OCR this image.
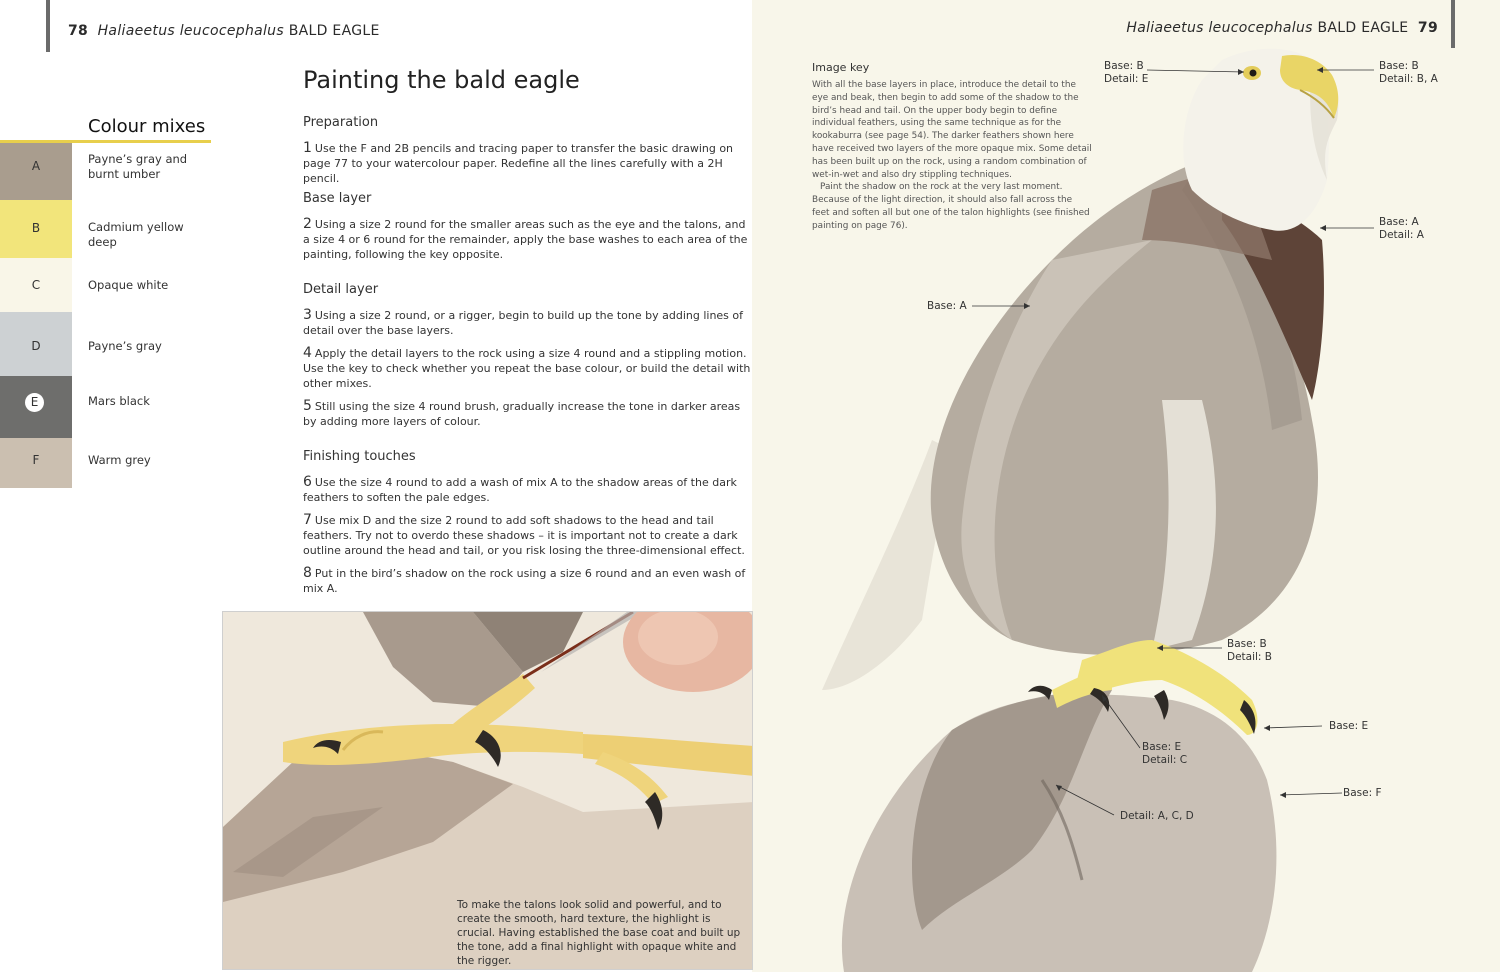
78 Haliaeetus leucocephalus BALD EAGLE	Haliaeetus leucocephalus BALD EAGLE 79
Colour mixes
A
B
C
D
E
F
Payne’s gray and burnt umber
Cadmium yellow deep
Opaque white
Payne’s gray
Mars black
Warm grey
Painting the bald eagle
Preparation
1 Use the F and 2B pencils and tracing paper to transfer the basic drawing on page 77 to your watercolour paper. Redefine all the lines carefully with a 2H pencil.
Base layer
2 Using a size 2 round for the smaller areas such as the eye and the talons, and a size 4 or 6 round for the remainder, apply the base washes to each area of the painting, following the key opposite.
Detail layer
3 Using a size 2 round, or a rigger, begin to build up the tone by adding lines of detail over the base layers.
4 Apply the detail layers to the rock using a size 4 round and a stippling motion. Use the key to check whether you repeat the base colour, or build the detail with other mixes.
5 Still using the size 4 round brush, gradually increase the tone in darker areas by adding more layers of colour.
Finishing touches
6 Use the size 4 round to add a wash of mix A to the shadow areas of the dark feathers to soften the pale edges.
7 Use mix D and the size 2 round to add soft shadows to the head and tail feathers. Try not to overdo these shadows – it is important not to create a dark outline around the head and tail, or you risk losing the three-dimensional effect.
8 Put in the bird’s shadow on the rock using a size 6 round and an even wash of mix A.
To make the talons look solid and powerful, and to create the smooth, hard texture, the highlight is crucial. Having established the base coat and built up the tone, add a final highlight with opaque white and the rigger.
Image key
With all the base layers in place, introduce the detail to the eye and beak, then begin to add some of the shadow to the bird’s head and tail. On the upper body begin to define individual feathers, using the same technique as for the kookaburra (see page 54). The darker feathers shown here have received two layers of the more opaque mix. Some detail has been built up on the rock, using a random combination of wet-in-wet and also dry stippling techniques.
Paint the shadow on the rock at the very last moment. Because of the light direction, it should also fall across the feet and soften all but one of the talon highlights (see finished painting on page 76).
Base: B
Detail: E
Base: B
Detail: B, A
Base: A
Detail: A
Base: A
Base: B
Detail: B
Base: E
Base: E
Detail: C
Base: F
Detail: A, C, D
